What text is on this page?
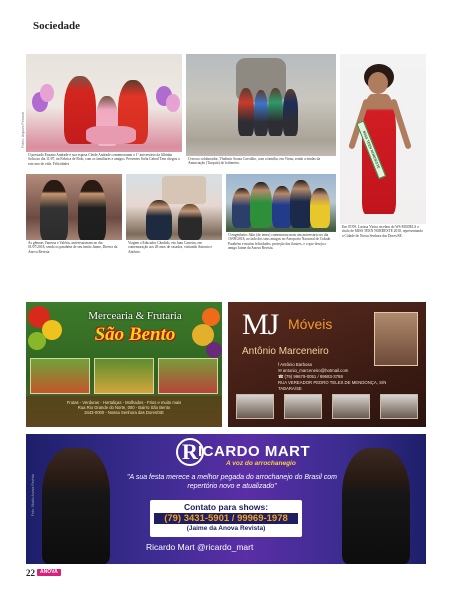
Sociedade
O prestado Erasmo Andrade e sua esposa Cleide Andrade comemoraram o 1º aniversário da filhinha Sofia no dia 11/07, na Fabrica de Bolo, com os familiares e amigos. Presentes Sofia Cabral Tem chegou a este ano de vida. Felicidades
Fotos: Arquivo Pessoal
O nosso colaborador, Vladimir Souza Carvalho, com a família, em Viena, sendo a tendas da Anunciação (Turquia) de fotômetro.	MISS TEEN NORDESTE
Em 07/09, Larissa Vieira recebeu do WS MODELS o título de MISS TEEN NORDESTE 2018, representando a Cidade de Nossa Senhora das Dores/SE.
As gêmeas Vanessa e Valéria, aniversariaram no dia 01/07/2018, sendo os parabéns de seu irmão Jaime, Diretor da Anova Revista.
Viagem a Educador Cândido, em Juan Carreira, em comemoração aos 28 anos de casados, visitando Antonio e Antônio.
O engenheiro Júlio (de terno) comemorou mais um aniversário no dia 19/09/2018, ao lado dos seus amigos no Aeroporto Nacional de Cidade. Parabéns e muitas felicidades, proteção das ilustres, e o que deseja o amigo Jaime da Anova Revista.
Mercearia & Frutaria
São Bento
Frutas - Verduras - Hortaliças - Molhados - Frios e muito mais
Rua Rio Grande do Norte, 000 - Bairro São Bento
3443-0000 - Nossa Senhora das Dores/SE
MJ Móveis
Antônio Marceneiro
f Antônio Barbosa
✉ antonio_marceneiro@hotmail.com
☎ (79) 99679-0051 / 99683-3788
RUA VEREADOR PEDRO TELES DE MENDONÇA, S/N
TABARA/SE
Foto: Studio Anova Revista
R ICARDO MART
A voz do arrochanegio
"A sua festa merece a melhor pegada do arrochanejo do Brasil com repertório novo e atualizado"
Contato para shows:
(79) 3431-5901 / 99969-1978
(Jaime da Anova Revista)
Ricardo Mart @ricardo_mart
22	ANOVA
